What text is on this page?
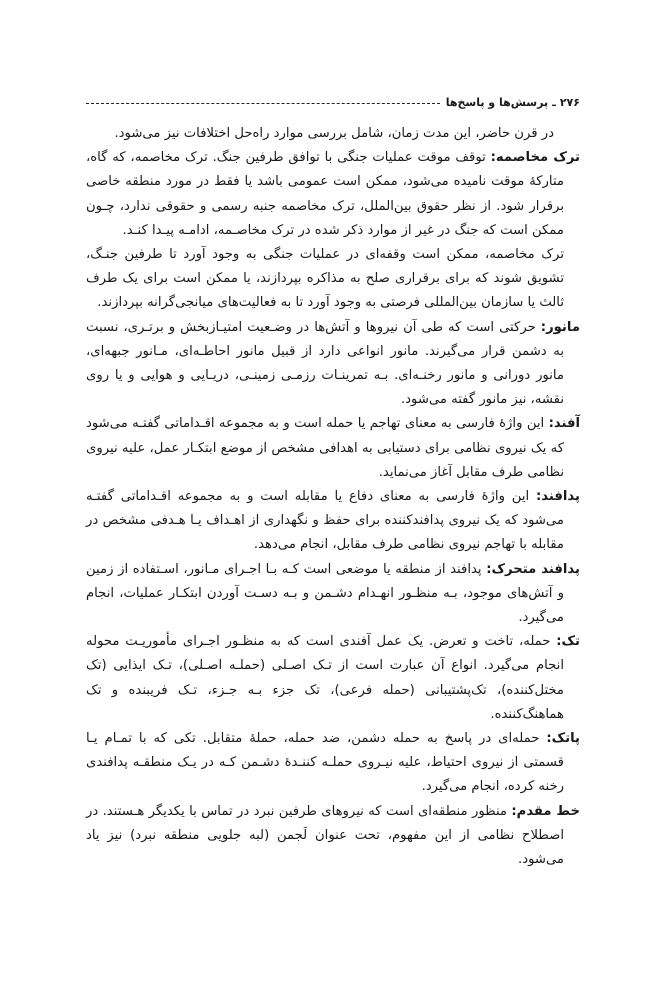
۲۷۶
ـ
پرسش‌ها و پاسخ‌ها

در قرن حاضر، این مدت زمان، شامل بررسی موارد راه‌حل اختلافات نیز می‌شود.

ترک مخاصمه: توقف موقت عملیات جنگی با توافق طرفین جنگ. ترک مخاصمه، که گاه، متارکهٔ موقت نامیده می‌شود، ممکن است عمومی باشد یا فقط در مورد منطقه خاصی برقرار شود. از نظر حقوق بین‌الملل، ترک مخاصمه جنبه رسمی و حقوقی ندارد، چـون ممکن است که جنگ در غیر از موارد ذکر شده در ترک مخاصـمه، ادامـه پیـدا کنـد.

ترک مخاصمه، ممکن است وقفه‌ای در عملیات جنگی به وجود آورد تا طرفین جنـگ، تشویق شوند که برای برقراری صلح به مذاکره بپردازند، یا ممکن است برای یک طرف ثالث یا سازمان بین‌المللی فرصتی به وجود آورد تا به فعالیت‌های میانجی‌گرانه بپردازند.

مانور: حرکتی است که طی آن نیروها و آتش‌ها در وضـعیت امتیـازبخش و برتـری، نسبت به دشمن قرار می‌گیرند. مانور انواعی دارد از قبیل مانور احاطـه‌ای، مـانور جبهه‌ای، مانور دورانی و مانور رخنـه‌ای. بـه تمرینـات رزمـی زمینـی، دریـایی و هوایی و یا روی نقشه، نیز مانور گفته می‌شود.

آفند: این واژهٔ فارسی به معنای تهاجم یا حمله است و به مجموعه اقـداماتی گفتـه می‌شود که یک نیروی نظامی برای دستیابی به اهدافی مشخص از موضع ابتکـار عمل، علیه نیروی نظامی طرف مقابل آغاز می‌نماید.

پدافند: این واژهٔ فارسی به معنای دفاع یا مقابله است و به مجموعه اقـداماتی گفتـه می‌شود که یک نیروی پدافندکننده برای حفظ و نگهداری از اهـداف یـا هـدفی مشخص در مقابله با تهاجم نیروی نظامی طرف مقابل، انجام می‌دهد.

پدافند متحرک: پدافند از منطقه یا موضعی است کـه بـا اجـرای مـانور، اسـتفاده از زمین و آتش‌های موجود، بـه منظـور انهـدام دشـمن و بـه دسـت آوردن ابتکـار عملیات، انجام می‌گیرد.

تک: حمله، تاخت و تعرض. یک عمل آفندی است که به منظـور اجـرای مأموریـت محوله انجام می‌گیرد. انواع آن عبارت است از تـک اصـلی (حملـه اصـلی)، تـک ایذایی (تک مختل‌کننده)، تک‌پشتیبانی (حمله فرعی)، تک جزء بـه جـزء، تـک فریبنده و تک هماهنگ‌کننده.

پاتک: حمله‌ای در پاسخ به حمله دشمن، ضد حمله، حملهٔ متقابل. تکی که با تمـام یـا قسمتی از نیروی احتیاط، علیه نیـروی حملـه کننـدهٔ دشـمن کـه در یـک منطقـه پدافندی رخنه کرده، انجام می‌گیرد.

خط مقدم: منظور منطقه‌ای است که نیروهای طرفین نبرد در تماس با یکدیگر هـستند. در اصطلاح نظامی از این مفهوم، تحت عنوان لَجمن (لبه جلویی منطقه نبرد) نیز یاد می‌شود.
